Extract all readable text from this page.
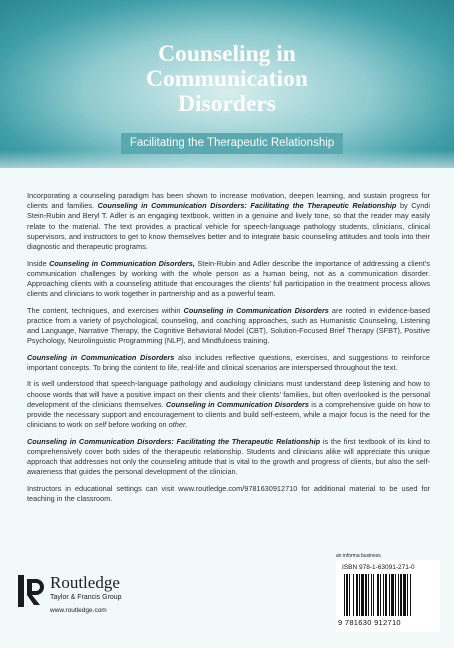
Counseling in
Communication
Disorders
Facilitating the Therapeutic Relationship

Incorporating a counseling paradigm has been shown to increase motivation, deepen learning, and sustain progress for clients and families. Counseling in Communication Disorders: Facilitating the Therapeutic Relationship by Cyndi Stein-Rubin and Beryl T. Adler is an engaging textbook, written in a genuine and lively tone, so that the reader may easily relate to the material. The text provides a practical vehicle for speech-language pathology students, clinicians, clinical supervisors, and instructors to get to know themselves better and to integrate basic counseling attitudes and tools into their diagnostic and therapeutic programs.

Inside Counseling in Communication Disorders, Stein-Rubin and Adler describe the importance of addressing a client’s communication challenges by working with the whole person as a human being, not as a communication disorder. Approaching clients with a counseling attitude that encourages the clients’ full participation in the treatment process allows clients and clinicians to work together in partnership and as a powerful team.

The content, techniques, and exercises within Counseling in Communication Disorders are rooted in evidence-based practice from a variety of psychological, counseling, and coaching approaches, such as Humanistic Counseling, Listening and Language, Narrative Therapy, the Cognitive Behavioral Model (CBT), Solution-Focused Brief Therapy (SFBT), Positive Psychology, Neurolinguistic Programming (NLP), and Mindfulness training.

Counseling in Communication Disorders also includes reflective questions, exercises, and suggestions to reinforce important concepts. To bring the content to life, real-life and clinical scenarios are interspersed throughout the text.

It is well understood that speech-language pathology and audiology clinicians must understand deep listening and how to choose words that will have a positive impact on their clients and their clients’ families, but often overlooked is the personal development of the clinicians themselves. Counseling in Communication Disorders is a comprehensive guide on how to provide the necessary support and encouragement to clients and build self-esteem, while a major focus is the need for the clinicians to work on self before working on other.

Counseling in Communication Disorders: Facilitating the Therapeutic Relationship is the first textbook of its kind to comprehensively cover both sides of the therapeutic relationship. Students and clinicians alike will appreciate this unique approach that addresses not only the counseling attitude that is vital to the growth and progress of clients, but also the self-awareness that guides the personal development of the clinician.

Instructors in educational settings can visit www.routledge.com/9781630912710 for additional material to be used for teaching in the classroom.

an informa business
ISBN 978-1-63091-271-0
9 781630 912710
Routledge
Taylor & Francis Group
www.routledge.com
